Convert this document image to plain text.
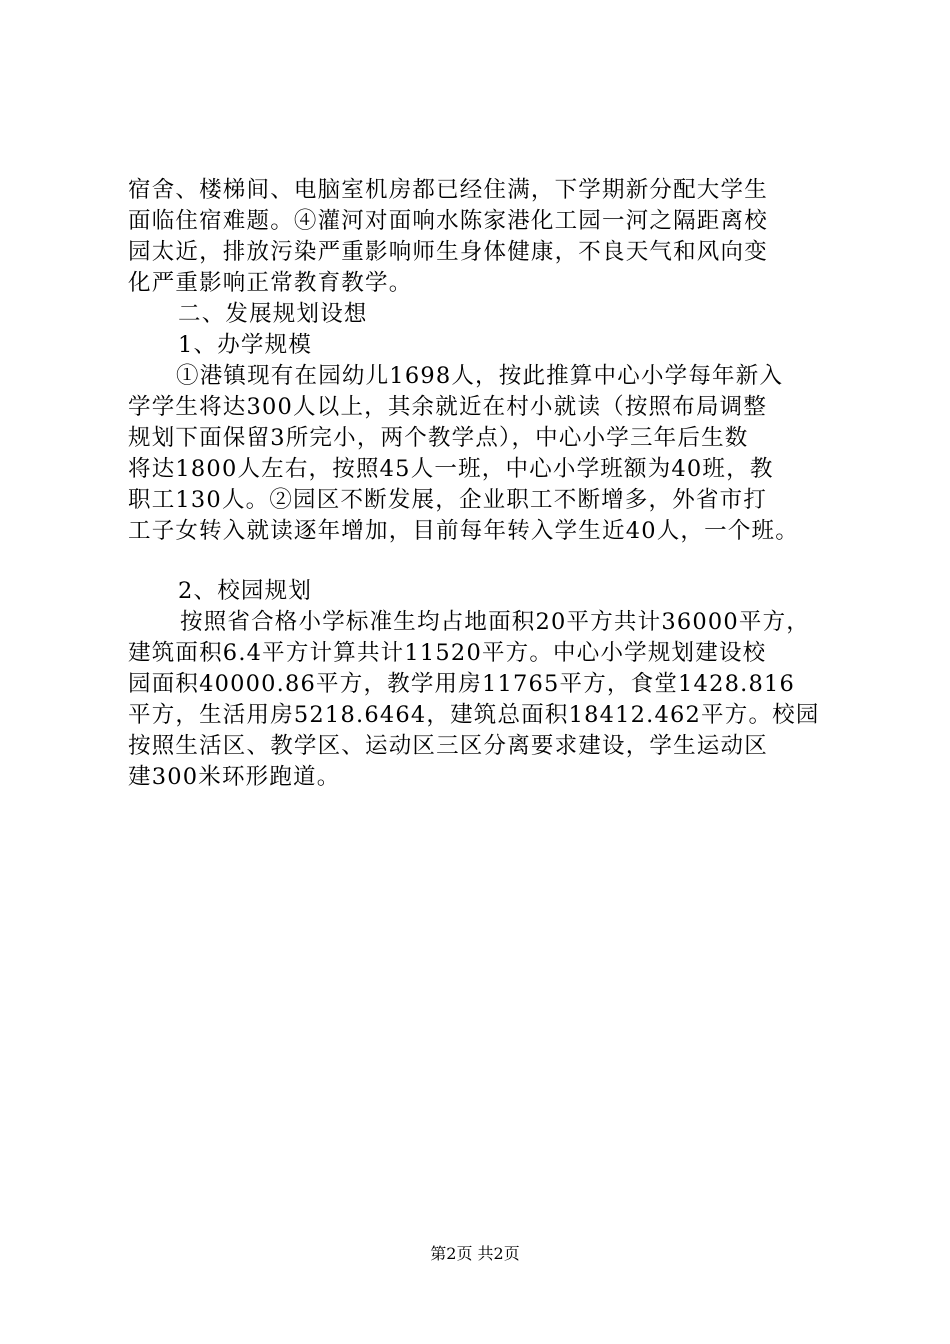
宿舍、楼梯间、电脑室机房都已经住满，下学期新分配大学生
面临住宿难题。④灌河对面响水陈家港化工园一河之隔距离校
园太近，排放污染严重影响师生身体健康，不良天气和风向变
化严重影响正常教育教学。
二、发展规划设想
1、办学规模
①港镇现有在园幼儿1698人，按此推算中心小学每年新入
学学生将达300人以上，其余就近在村小就读（按照布局调整
规划下面保留3所完小，两个教学点），中心小学三年后生数
将达1800人左右，按照45人一班，中心小学班额为40班，教
职工130人。②园区不断发展，企业职工不断增多，外省市打
工子女转入就读逐年增加，目前每年转入学生近40人，一个班。
2、校园规划
按照省合格小学标准生均占地面积20平方共计36000平方，
建筑面积6.4平方计算共计11520平方。中心小学规划建设校
园面积40000.86平方，教学用房11765平方，食堂1428.816
平方，生活用房5218.6464，建筑总面积18412.462平方。校园
按照生活区、教学区、运动区三区分离要求建设，学生运动区
建300米环形跑道。
第2页 共2页
